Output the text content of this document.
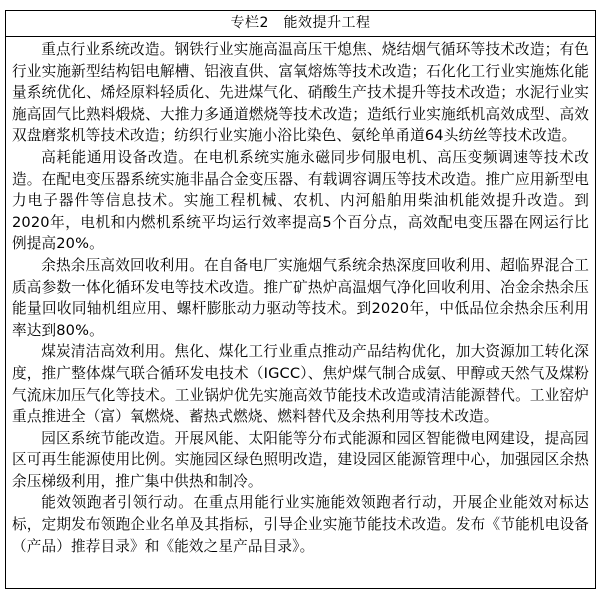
专栏2　能效提升工程

重点行业系统改造。钢铁行业实施高温高压干熄焦、烧结烟气循环等技术改造；有色行业实施新型结构铝电解槽、铝液直供、富氧熔炼等技术改造；石化化工行业实施炼化能量系统优化、烯烃原料轻质化、先进煤气化、硝酸生产技术提升等技术改造；水泥行业实施高固气比熟料煅烧、大推力多通道燃烧等技术改造；造纸行业实施纸机高效成型、高效双盘磨浆机等技术改造；纺织行业实施小浴比染色、氨纶单甬道64头纺丝等技术改造。

高耗能通用设备改造。在电机系统实施永磁同步伺服电机、高压变频调速等技术改造。在配电变压器系统实施非晶合金变压器、有载调容调压等技术改造。推广应用新型电力电子器件等信息技术。实施工程机械、农机、内河船舶用柴油机能效提升改造。到2020年，电机和内燃机系统平均运行效率提高5个百分点，高效配电变压器在网运行比例提高20%。

余热余压高效回收利用。在自备电厂实施烟气系统余热深度回收利用、超临界混合工质高参数一体化循环发电等技术改造。推广矿热炉高温烟气净化回收利用、冶金余热余压能量回收同轴机组应用、螺杆膨胀动力驱动等技术。到2020年，中低品位余热余压利用率达到80%。

煤炭清洁高效利用。焦化、煤化工行业重点推动产品结构优化，加大资源加工转化深度，推广整体煤气联合循环发电技术（IGCC）、焦炉煤气制合成氨、甲醇或天然气及煤粉气流床加压气化等技术。工业锅炉优先实施高效节能技术改造或清洁能源替代。工业窑炉重点推进全（富）氧燃烧、蓄热式燃烧、燃料替代及余热利用等技术改造。

园区系统节能改造。开展风能、太阳能等分布式能源和园区智能微电网建设，提高园区可再生能源使用比例。实施园区绿色照明改造，建设园区能源管理中心，加强园区余热余压梯级利用，推广集中供热和制冷。

能效领跑者引领行动。在重点用能行业实施能效领跑者行动，开展企业能效对标达标，定期发布领跑企业名单及其指标，引导企业实施节能技术改造。发布《节能机电设备（产品）推荐目录》和《能效之星产品目录》。
